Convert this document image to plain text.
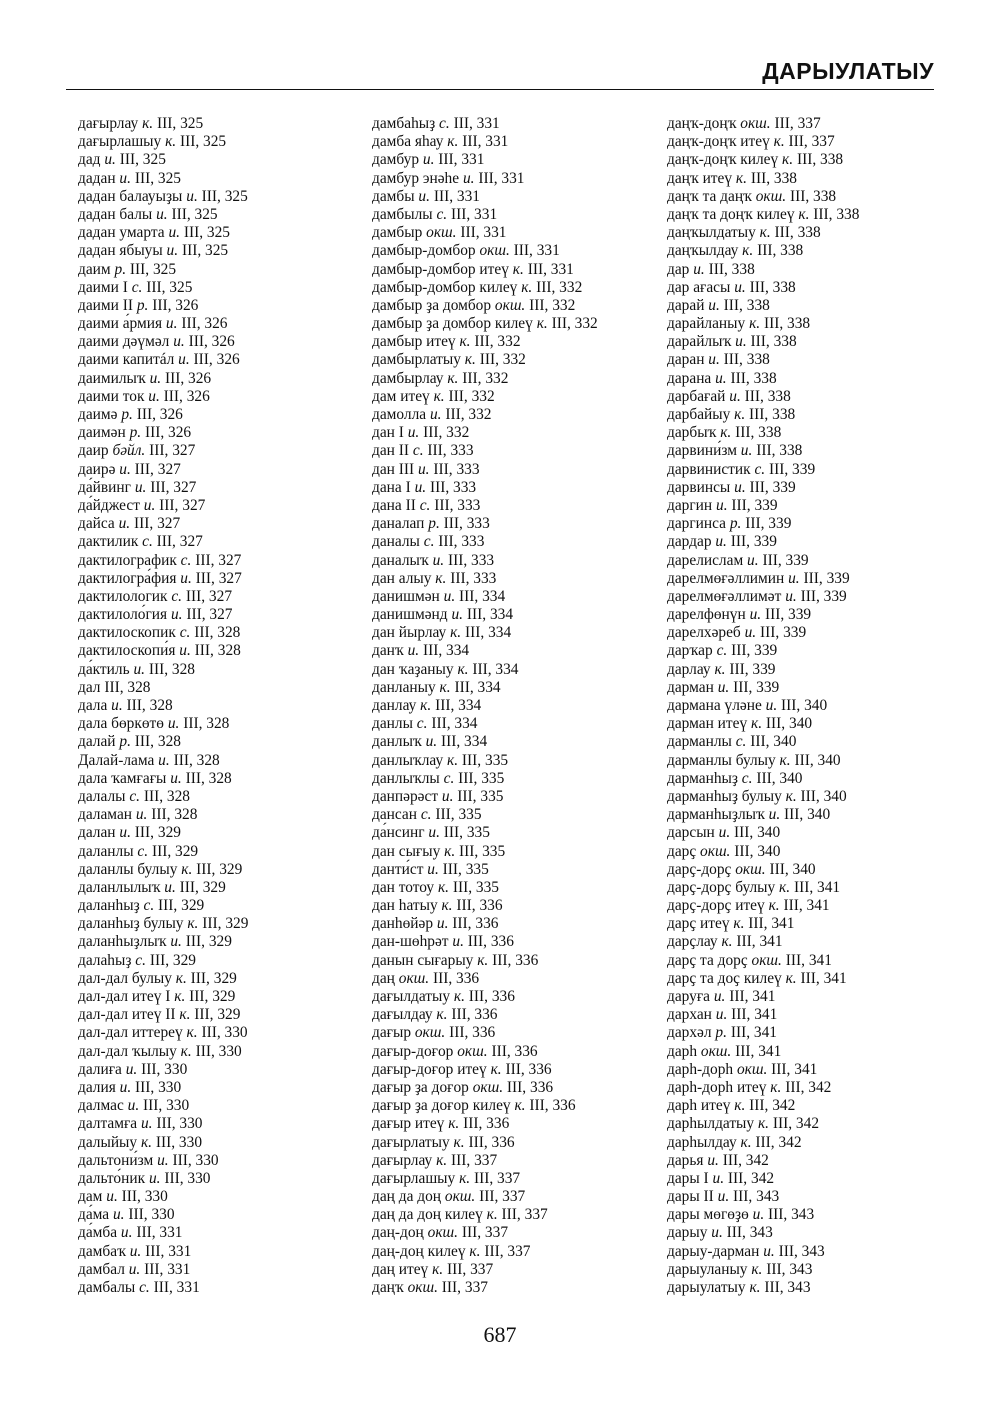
ДАРЫУЛАТЫУ
дағырлау к. III, 325
дағырлашыу к. III, 325
дад и. III, 325
дадан и. III, 325
дадан балауыҙы и. III, 325
дадан балы и. III, 325
дадан умарта и. III, 325
дадан ябыуы и. III, 325
даим р. III, 325
даими I с. III, 325
даими II р. III, 326
даими а́рмия и. III, 326
даими дәүмәл и. III, 326
даими капитáл и. III, 326
даимилыҡ и. III, 326
даими ток и. III, 326
даимә р. III, 326
даимән р. III, 326
даир бәйл. III, 327
даирә и. III, 327
да́йвинг и. III, 327
да́йджест и. III, 327
дайса и. III, 327
дактилик с. III, 327
дактилографик с. III, 327
дактилогра́фия и. III, 327
дактилологик с. III, 327
дактилоло́гия и. III, 327
дактилоскопик с. III, 328
дактилоскопи́я и. III, 328
да́ктиль и. III, 328
дал III, 328
дала и. III, 328
дала бөркөтө и. III, 328
далай р. III, 328
Далай-лама и. III, 328
дала ҡамғағы и. III, 328
далалы с. III, 328
даламан и. III, 328
далан и. III, 329
даланлы с. III, 329
даланлы булыу к. III, 329
даланлылыҡ и. III, 329
даланһыҙ с. III, 329
даланһыҙ булыу к. III, 329
даланһыҙлыҡ и. III, 329
далаһыҙ с. III, 329
дал-дал булыу к. III, 329
дал-дал итеү I к. III, 329
дал-дал итеү II к. III, 329
дал-дал иттереү к. III, 330
дал-дал ҡылыу к. III, 330
далиға и. III, 330
далия и. III, 330
далмас и. III, 330
далтамға и. III, 330
далыйыу к. III, 330
дальтони́зм и. III, 330
дальто́ник и. III, 330
дам и. III, 330
да́ма и. III, 330
да́мба и. III, 331
дамбаҡ и. III, 331
дамбал и. III, 331
дамбалы с. III, 331
дамбаһыҙ с. III, 331
дамба яһау к. III, 331
дамбур и. III, 331
дамбур энәһе и. III, 331
дамбы и. III, 331
дамбылы с. III, 331
дамбыр окш. III, 331
дамбыр-домбор окш. III, 331
дамбыр-домбор итеү к. III, 331
дамбыр-домбор килеү к. III, 332
дамбыр ҙа домбор окш. III, 332
дамбыр ҙа домбор килеү к. III, 332
дамбыр итеү к. III, 332
дамбырлатыу к. III, 332
дамбырлау к. III, 332
дам итеү к. III, 332
дамолла и. III, 332
дан I и. III, 332
дан II с. III, 333
дан III и. III, 333
дана I и. III, 333
дана II с. III, 333
даналап р. III, 333
даналы с. III, 333
даналыҡ и. III, 333
дан алыу к. III, 333
данишмән и. III, 334
данишмәнд и. III, 334
дан йырлау к. III, 334
данҡ и. III, 334
дан ҡаҙаныу к. III, 334
данланыу к. III, 334
данлау к. III, 334
данлы с. III, 334
данлыҡ и. III, 334
данлыҡлау к. III, 335
данлыҡлы с. III, 335
данпәрәст и. III, 335
дансан с. III, 335
да́нсинг и. III, 335
дан сығыу к. III, 335
данти́ст и. III, 335
дан тотоу к. III, 335
дан һатыу к. III, 336
данһөйәр и. III, 336
дан-шөһрәт и. III, 336
данын сығарыу к. III, 336
даң окш. III, 336
дағылдатыу к. III, 336
дағылдау к. III, 336
дағыр окш. III, 336
дағыр-доғор окш. III, 336
дағыр-доғор итеү к. III, 336
дағыр ҙа доғор окш. III, 336
дағыр ҙа доғор килеү к. III, 336
дағыр итеү к. III, 336
дағырлатыу к. III, 336
дағырлау к. III, 337
дағырлашыу к. III, 337
даң да доң окш. III, 337
даң да доң килеү к. III, 337
даң-доң окш. III, 337
даң-доң килеү к. III, 337
даң итеү к. III, 337
даңҡ окш. III, 337
даңҡ-доңҡ окш. III, 337
даңҡ-доңҡ итеү к. III, 337
даңҡ-доңҡ килеү к. III, 338
даңҡ итеү к. III, 338
даңҡ та даңҡ окш. III, 338
даңҡ та доңҡ килеү к. III, 338
даңҡылдатыу к. III, 338
даңҡылдау к. III, 338
дар и. III, 338
дар ағасы и. III, 338
дарай и. III, 338
дарайланыу к. III, 338
дарайлыҡ и. III, 338
даран и. III, 338
дарана и. III, 338
дарбағай и. III, 338
дарбайыу к. III, 338
дарбыҡ к. III, 338
дарвини́зм и. III, 338
дарвинистик с. III, 339
дарвинсы и. III, 339
даргин и. III, 339
даргинса р. III, 339
дардар и. III, 339
дарелислам и. III, 339
дарелмөғәллимин и. III, 339
дарелмөғәллимәт и. III, 339
дарелфөнүн и. III, 339
дарелхәреб и. III, 339
дарҡар с. III, 339
дарлау к. III, 339
дарман и. III, 339
дармана үләне и. III, 340
дарман итеү к. III, 340
дарманлы с. III, 340
дарманлы булыу к. III, 340
дарманһыҙ с. III, 340
дарманһыҙ булыу к. III, 340
дарманһыҙлыҡ и. III, 340
дарсын и. III, 340
дарҫ окш. III, 340
дарҫ-дорҫ окш. III, 340
дарҫ-дорҫ булыу к. III, 341
дарҫ-дорҫ итеү к. III, 341
дарҫ итеү к. III, 341
дарҫлау к. III, 341
дарҫ та дорҫ окш. III, 341
дарҫ та доҫ килеү к. III, 341
даруға и. III, 341
дархан и. III, 341
дархәл р. III, 341
дарһ окш. III, 341
дарһ-дорһ окш. III, 341
дарһ-дорһ итеү к. III, 342
дарһ итеү к. III, 342
дарһылдатыу к. III, 342
дарһылдау к. III, 342
дарья и. III, 342
дары I и. III, 342
дары II и. III, 343
дары мөгөҙө и. III, 343
дарыу и. III, 343
дарыу-дарман и. III, 343
дарыуланыу к. III, 343
дарыулатыу к. III, 343
687
